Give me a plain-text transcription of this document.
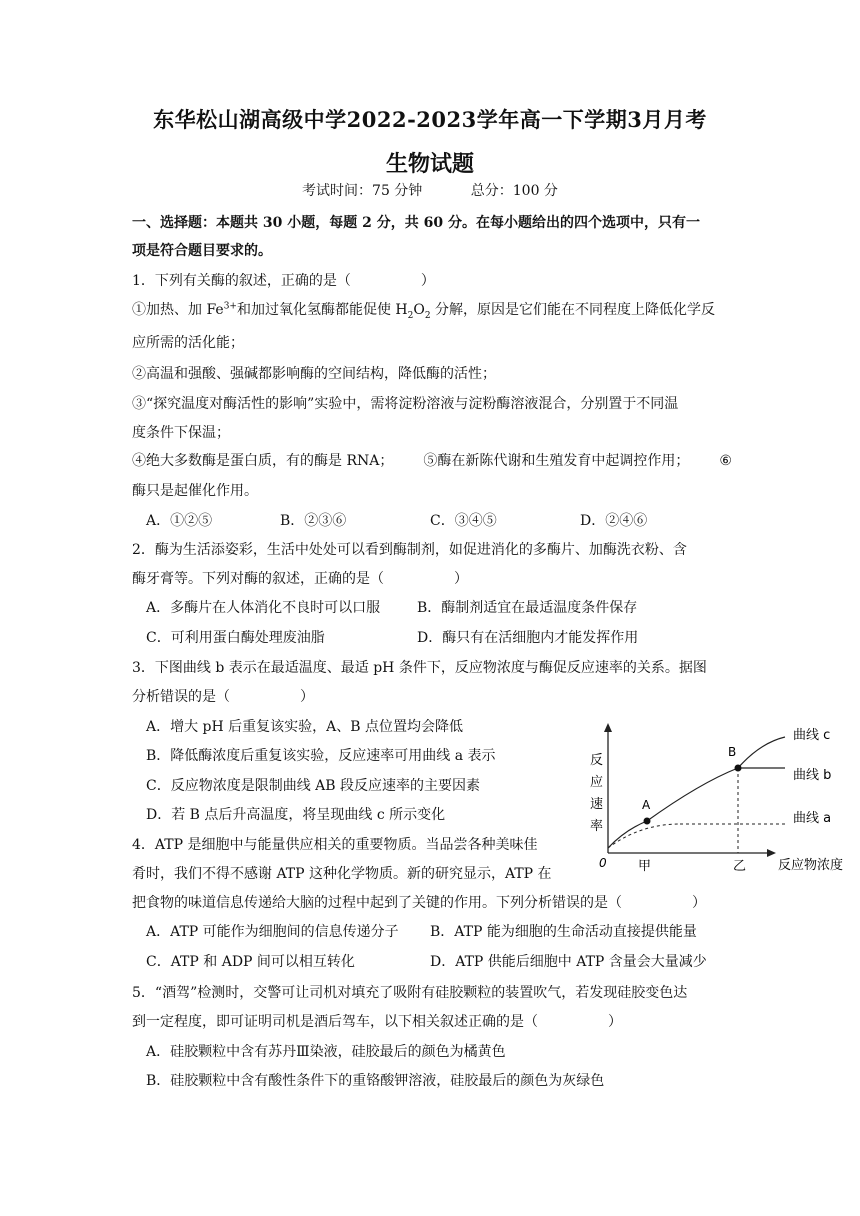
东华松山湖高级中学2022-2023学年高一下学期3月月考
生物试题
考试时间：75 分钟	总分：100 分
一、选择题：本题共 30 小题，每题 2 分，共 60 分。在每小题给出的四个选项中，只有一
项是符合题目要求的。
1．下列有关酶的叙述，正确的是（　　　　　）
①加热、加 $Fe^{3+}$和加过氧化氢酶都能促使 $H_2O_2$ 分解，原因是它们能在不同程度上降低化学反
应所需的活化能；
②高温和强酸、强碱都影响酶的空间结构，降低酶的活性；
③“探究温度对酶活性的影响”实验中，需将淀粉溶液与淀粉酶溶液混合，分别置于不同温
度条件下保温；
④绝大多数酶是蛋白质，有的酶是 RNA； ⑤酶在新陈代谢和生殖发育中起调控作用； ⑥
酶只是起催化作用。
A．①②⑤	B．②③⑥	C．③④⑤	D．②④⑥
2．酶为生活添姿彩，生活中处处可以看到酶制剂，如促进消化的多酶片、加酶洗衣粉、含
酶牙膏等。下列对酶的叙述，正确的是（　　　　　）
A．多酶片在人体消化不良时可以口服	B．酶制剂适宜在最适温度条件保存
C．可利用蛋白酶处理废油脂	D．酶只有在活细胞内才能发挥作用
3．下图曲线 b 表示在最适温度、最适 pH 条件下，反应物浓度与酶促反应速率的关系。据图
分析错误的是（　　　　　）
A．增大 pH 后重复该实验，A、B 点位置均会降低
B．降低酶浓度后重复该实验，反应速率可用曲线 a 表示
C．反应物浓度是限制曲线 AB 段反应速率的主要因素
D．若 B 点后升高温度，将呈现曲线 c 所示变化
反
应
速
率
0 甲	乙 反应物浓度
A
B
曲线 c
曲线 b
曲线 a
4．ATP 是细胞中与能量供应相关的重要物质。当品尝各种美味佳
肴时，我们不得不感谢 ATP 这种化学物质。新的研究显示，ATP 在
把食物的味道信息传递给大脑的过程中起到了关键的作用。下列分析错误的是（　　　　　）
A．ATP 可能作为细胞间的信息传递分子 B．ATP 能为细胞的生命活动直接提供能量
C．ATP 和 ADP 间可以相互转化	D．ATP 供能后细胞中 ATP 含量会大量减少
5．“酒驾”检测时，交警可让司机对填充了吸附有硅胶颗粒的装置吹气，若发现硅胶变色达
到一定程度，即可证明司机是酒后驾车，以下相关叙述正确的是（　　　　　）
A．硅胶颗粒中含有苏丹Ⅲ染液，硅胶最后的颜色为橘黄色
B．硅胶颗粒中含有酸性条件下的重铬酸钾溶液，硅胶最后的颜色为灰绿色
